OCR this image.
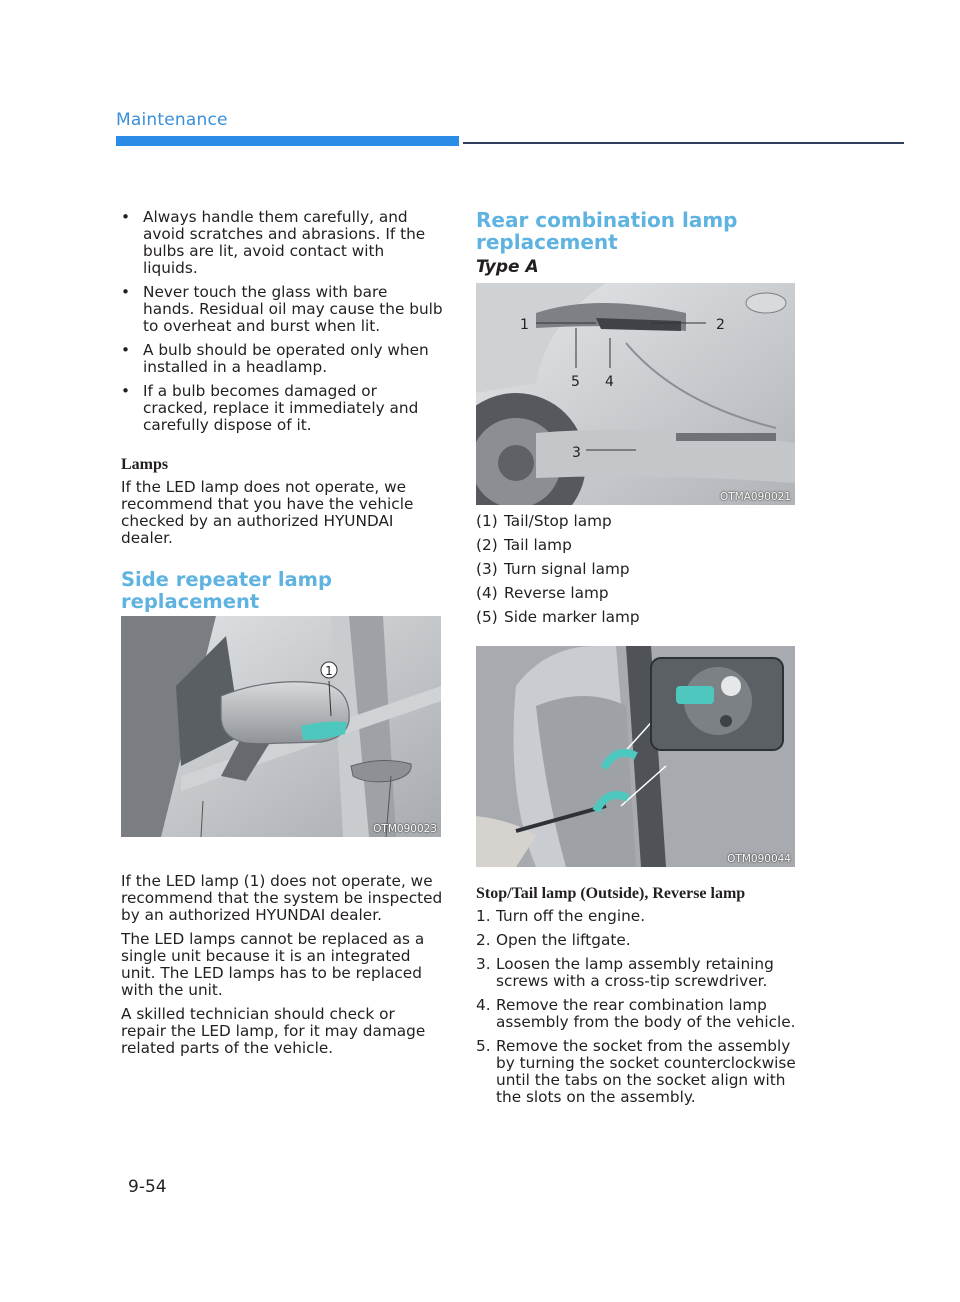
Maintenance
• Always handle them carefully, and avoid scratches and abrasions. If the bulbs are lit, avoid contact with liquids.
• Never touch the glass with bare hands. Residual oil may cause the bulb to overheat and burst when lit.
• A bulb should be operated only when installed in a headlamp.
• If a bulb becomes damaged or cracked, replace it immediately and carefully dispose of it.
Lamps

If the LED lamp does not operate, we recommend that you have the vehicle checked by an authorized HYUNDAI dealer.

Side repeater lamp replacement

If the LED lamp (1) does not operate, we recommend that the system be inspected by an authorized HYUNDAI dealer.

The LED lamps cannot be replaced as a single unit because it is an integrated unit. The LED lamps has to be replaced with the unit.

A skilled technician should check or repair the LED lamp, for it may damage related parts of the vehicle.

1
OTM090023
Rear combination lamp replacement
Type A
(1) Tail/Stop lamp
(2) Tail lamp
(3) Turn signal lamp
(4) Reverse lamp
(5) Side marker lamp
Stop/Tail lamp (Outside), Reverse lamp
1. Turn off the engine.
2. Open the liftgate.
3. Loosen the lamp assembly retaining screws with a cross-tip screwdriver.
4. Remove the rear combination lamp assembly from the body of the vehicle.
5. Remove the socket from the assembly by turning the socket counterclockwise until the tabs on the socket align with the slots on the assembly.
1	2
3
4
5
OTMA090021
OTM090044
9-54
